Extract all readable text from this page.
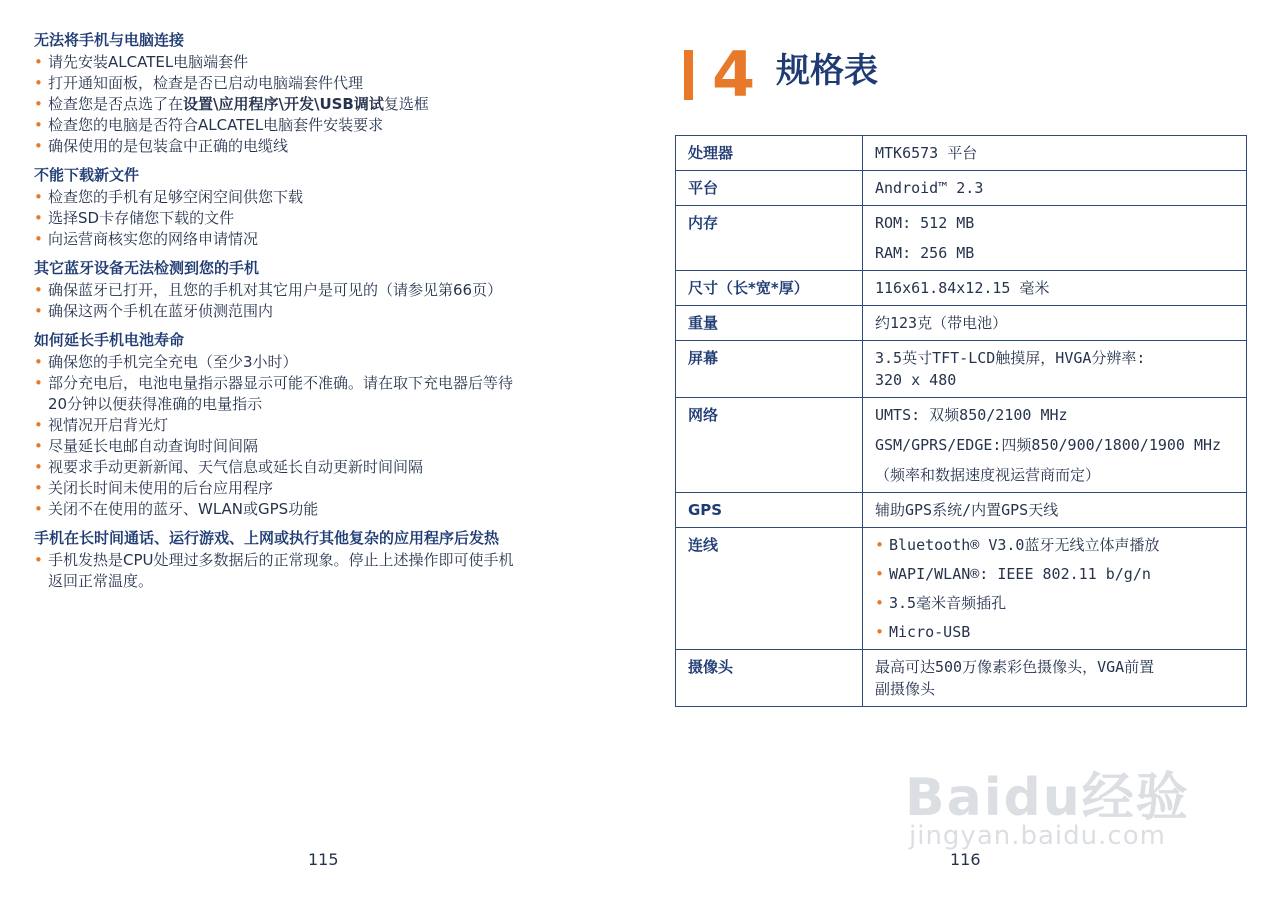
无法将手机与电脑连接
• 请先安装ALCATEL电脑端套件
• 打开通知面板，检查是否已启动电脑端套件代理
• 检查您是否点选了在设置\应用程序\开发\USB调试复选框
• 检查您的电脑是否符合ALCATEL电脑套件安装要求
• 确保使用的是包装盒中正确的电缆线
不能下载新文件
• 检查您的手机有足够空闲空间供您下载
• 选择SD卡存储您下载的文件
• 向运营商核实您的网络申请情况
其它蓝牙设备无法检测到您的手机
• 确保蓝牙已打开，且您的手机对其它用户是可见的（请参见第66页）
• 确保这两个手机在蓝牙侦测范围内
如何延长手机电池寿命
• 确保您的手机完全充电（至少3小时）
• 部分充电后，电池电量指示器显示可能不准确。请在取下充电器后等待
20分钟以便获得准确的电量指示
• 视情况开启背光灯
• 尽量延长电邮自动查询时间间隔
• 视要求手动更新新闻、天气信息或延长自动更新时间间隔
• 关闭长时间未使用的后台应用程序
• 关闭不在使用的蓝牙、WLAN或GPS功能
手机在长时间通话、运行游戏、上网或执行其他复杂的应用程序后发热
• 手机发热是CPU处理过多数据后的正常现象。停止上述操作即可使手机
返回正常温度。
115
4 规格表
处理器	MTK6573 平台

平台	Android™ 2.3

内存	ROM: 512 MB
RAM: 256 MB

尺寸（长*宽*厚）	116x61.84x12.15 毫米

重量	约123克（带电池）

屏幕	3.5英寸TFT-LCD触摸屏，HVGA分辨率:
320 x 480

网络	UMTS: 双频850/2100 MHz
GSM/GPRS/EDGE:四频850/900/1800/1900 MHz
（频率和数据速度视运营商而定）

GPS	辅助GPS系统/内置GPS天线

连线	• Bluetooth® V3.0蓝牙无线立体声播放
• WAPI/WLAN®: IEEE 802.11 b/g/n
• 3.5毫米音频插孔
• Micro-USB

摄像头	最高可达500万像素彩色摄像头，VGA前置
副摄像头
116
Baidu经验
jingyan.baidu.com
